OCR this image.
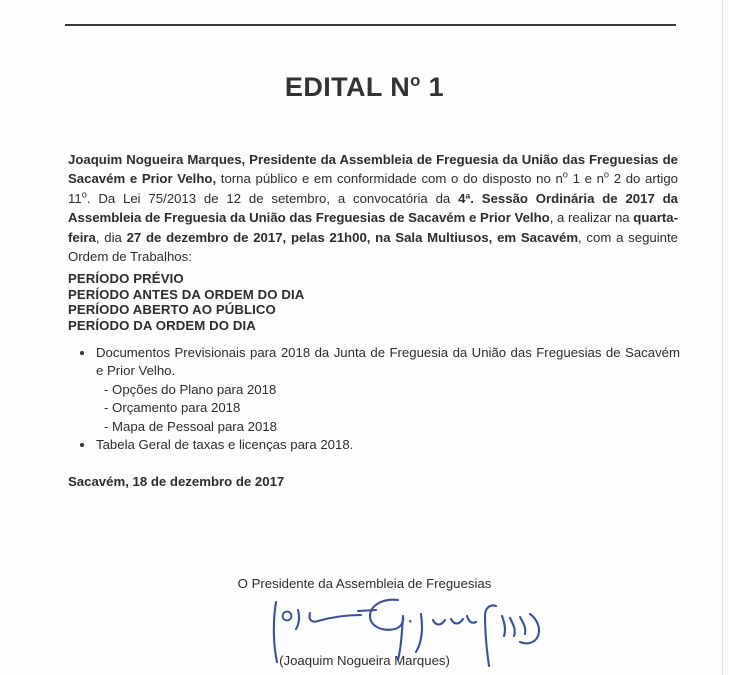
EDITAL $N^o$ 1
Joaquim Nogueira Marques, Presidente da Assembleia de Freguesia da União das Freguesias de Sacavém e Prior Velho, torna público e em conformidade com o do disposto no $n^o$ 1 e $n^o$ 2 do artigo 11$^o$. Da Lei 75/2013 de 12 de setembro, a convocatória da 4ª. Sessão Ordinária de 2017 da Assembleia de Freguesia da União das Freguesias de Sacavém e Prior Velho, a realizar na quarta-feira, dia 27 de dezembro de 2017, pelas 21h00, na Sala Multiusos, em Sacavém, com a seguinte Ordem de Trabalhos:
PERÍODO PRÉVIO
PERÍODO ANTES DA ORDEM DO DIA
PERÍODO ABERTO AO PÚBLICO
PERÍODO DA ORDEM DO DIA
Documentos Previsionais para 2018 da Junta de Freguesia da União das Freguesias de Sacavém e Prior Velho.
- Opções do Plano para 2018
- Orçamento para 2018
- Mapa de Pessoal para 2018
Tabela Geral de taxas e licenças para 2018.
Sacavém, 18 de dezembro de 2017
O Presidente da Assembleia de Freguesias
(Joaquim Nogueira Marques)
